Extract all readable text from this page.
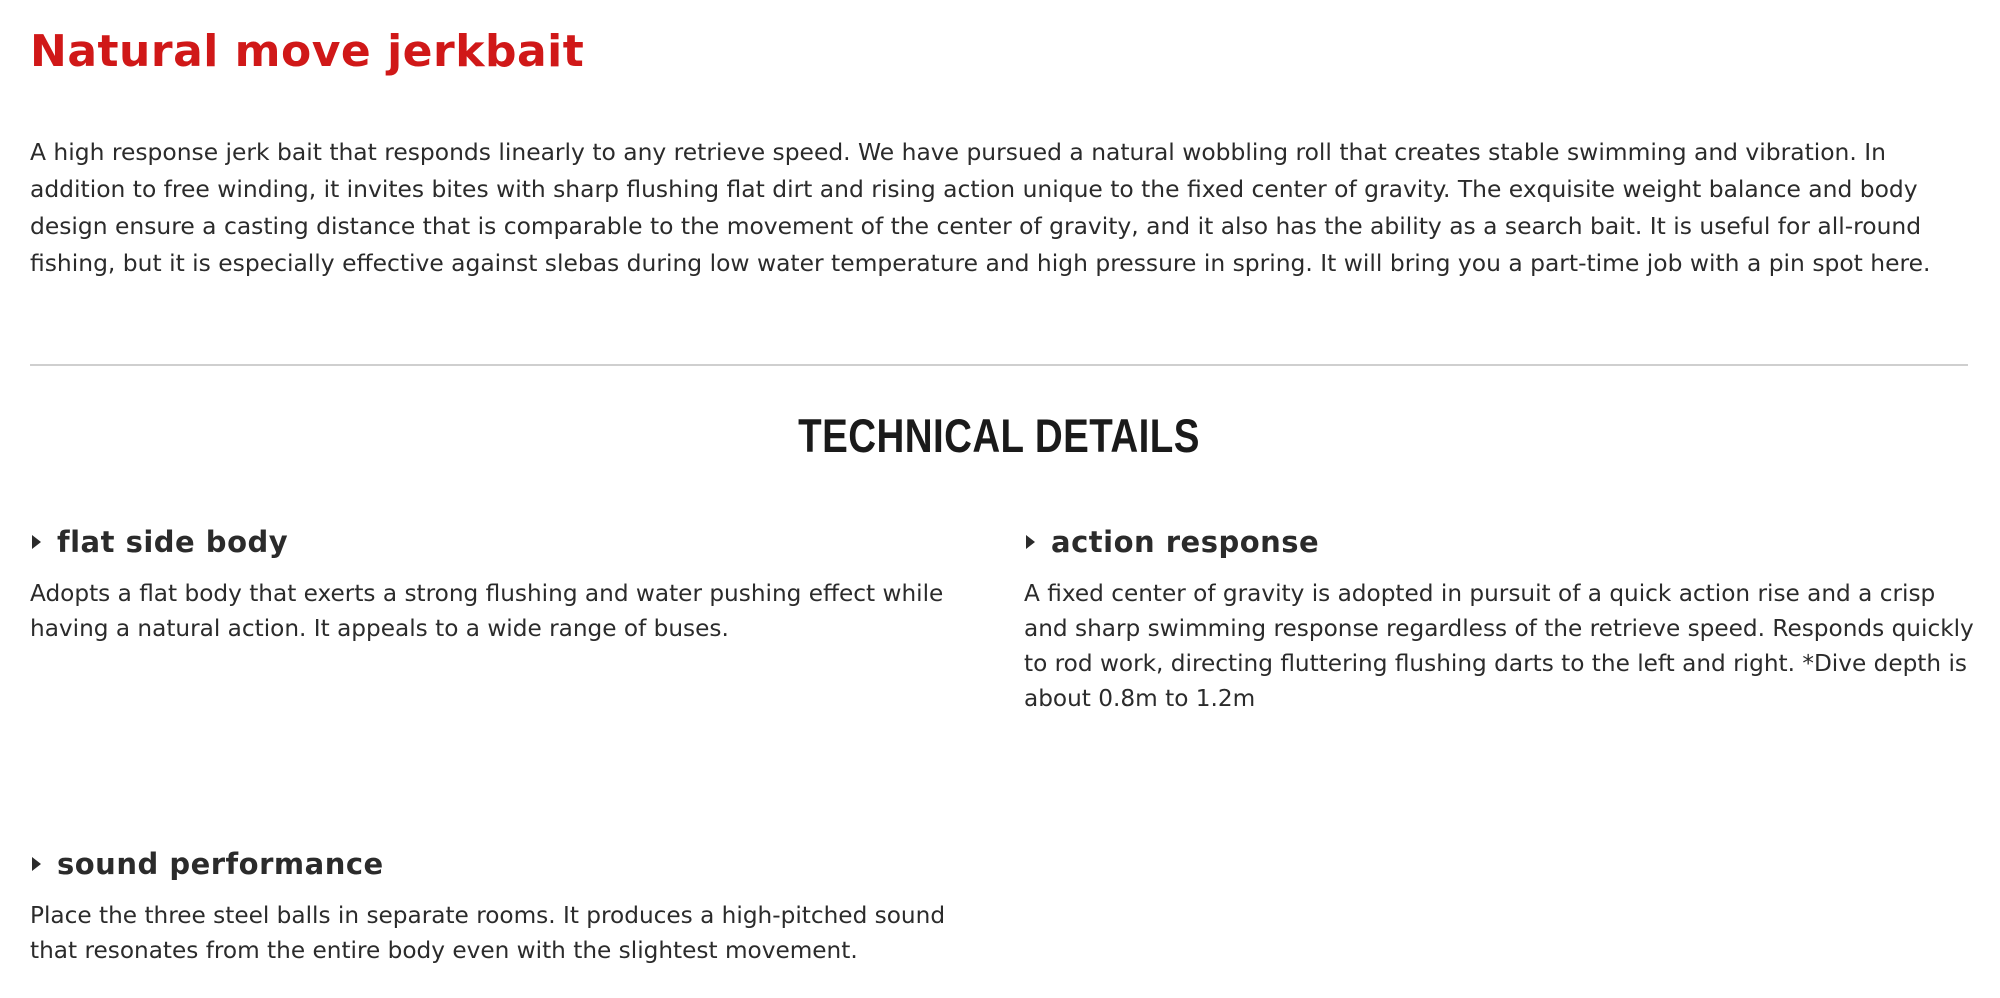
Natural move jerkbait

A high response jerk bait that responds linearly to any retrieve speed. We have pursued a natural wobbling roll that creates stable swimming and vibration. In addition to free winding, it invites bites with sharp flushing flat dirt and rising action unique to the fixed center of gravity. The exquisite weight balance and body design ensure a casting distance that is comparable to the movement of the center of gravity, and it also has the ability as a search bait. It is useful for all-round fishing, but it is especially effective against slebas during low water temperature and high pressure in spring. It will bring you a part-time job with a pin spot here.

TECHNICAL DETAILS
flat side body

Adopts a flat body that exerts a strong flushing and water pushing effect while having a natural action. It appeals to a wide range of buses.

action response

A fixed center of gravity is adopted in pursuit of a quick action rise and a crisp and sharp swimming response regardless of the retrieve speed. Responds quickly to rod work, directing fluttering flushing darts to the left and right. *Dive depth is about 0.8m to 1.2m

sound performance

Place the three steel balls in separate rooms. It produces a high-pitched sound that resonates from the entire body even with the slightest movement.
